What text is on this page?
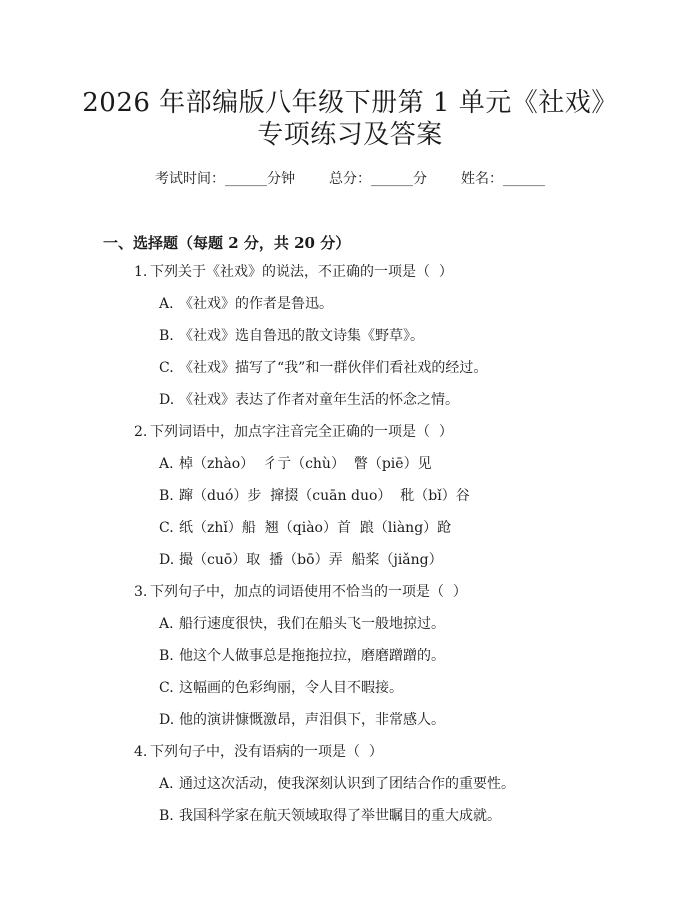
2026 年部编版八年级下册第 1 单元《社戏》
专项练习及答案
考试时间：______分钟 总分：______分 姓名：______
一、选择题（每题 2 分，共 20 分）
1. 下列关于《社戏》的说法，不正确的一项是（  ）
A. 《社戏》的作者是鲁迅。
B. 《社戏》选自鲁迅的散文诗集《野草》。
C. 《社戏》描写了“我”和一群伙伴们看社戏的经过。
D. 《社戏》表达了作者对童年生活的怀念之情。
2. 下列词语中，加点字注音完全正确的一项是（  ）
A. 棹（zhào）  彳亍（chù）  瞥（piē）见
B. 蹿（duó）步  撺掇（cuān duo）  秕（bǐ）谷
C. 纸（zhǐ）船  翘（qiào）首  踉（liàng）跄
D. 撮（cuō）取  播（bō）弄  船桨（jiǎng）
3. 下列句子中，加点的词语使用不恰当的一项是（  ）
A. 船行速度很快，我们在船头飞一般地掠过。
B. 他这个人做事总是拖拖拉拉，磨磨蹭蹭的。
C. 这幅画的色彩绚丽，令人目不暇接。
D. 他的演讲慷慨激昂，声泪俱下，非常感人。
4. 下列句子中，没有语病的一项是（  ）
A. 通过这次活动，使我深刻认识到了团结合作的重要性。
B. 我国科学家在航天领域取得了举世瞩目的重大成就。
